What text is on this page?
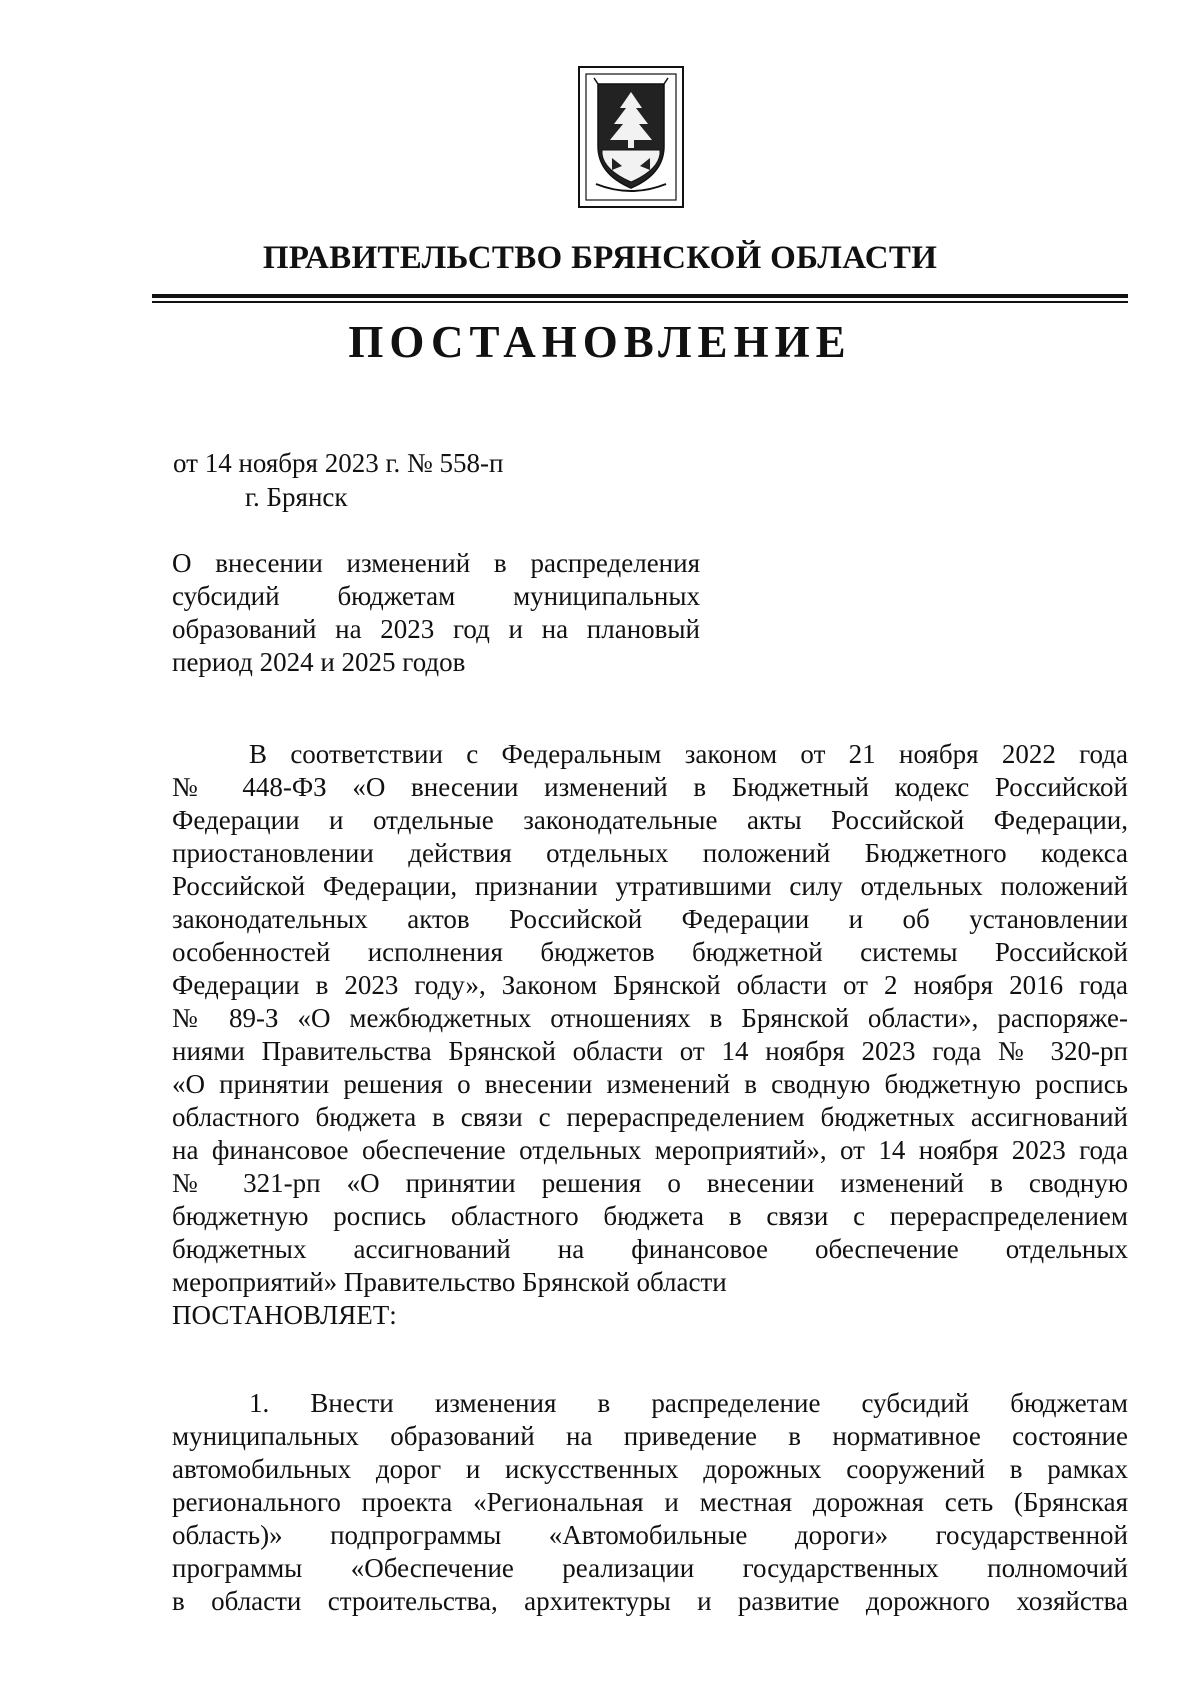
ПРАВИТЕЛЬСТВО БРЯНСКОЙ ОБЛАСТИ
ПОСТАНОВЛЕНИЕ
от 14 ноября 2023 г. № 558-п
г. Брянск
О внесении изменений в распределения
субсидий бюджетам муниципальных
образований на 2023 год и на плановый
период 2024 и 2025 годов
В соответствии с Федеральным законом от 21 ноября 2022 года
№ 448-ФЗ «О внесении изменений в Бюджетный кодекс Российской
Федерации и отдельные законодательные акты Российской Федерации,
приостановлении действия отдельных положений Бюджетного кодекса
Российской Федерации, признании утратившими силу отдельных положений
законодательных актов Российской Федерации и об установлении
особенностей исполнения бюджетов бюджетной системы Российской
Федерации в 2023 году», Законом Брянской области от 2 ноября 2016 года
№ 89-З «О межбюджетных отношениях в Брянской области», распоряже-
ниями Правительства Брянской области от 14 ноября 2023 года № 320-рп
«О принятии решения о внесении изменений в сводную бюджетную роспись
областного бюджета в связи с перераспределением бюджетных ассигнований
на финансовое обеспечение отдельных мероприятий», от 14 ноября 2023 года
№ 321-рп «О принятии решения о внесении изменений в сводную
бюджетную роспись областного бюджета в связи с перераспределением
бюджетных ассигнований на финансовое обеспечение отдельных
мероприятий» Правительство Брянской области
ПОСТАНОВЛЯЕТ:
1. Внести изменения в распределение субсидий бюджетам
муниципальных образований на приведение в нормативное состояние
автомобильных дорог и искусственных дорожных сооружений в рамках
регионального проекта «Региональная и местная дорожная сеть (Брянская
область)» подпрограммы «Автомобильные дороги» государственной
программы «Обеспечение реализации государственных полномочий
в области строительства, архитектуры и развитие дорожного хозяйства
